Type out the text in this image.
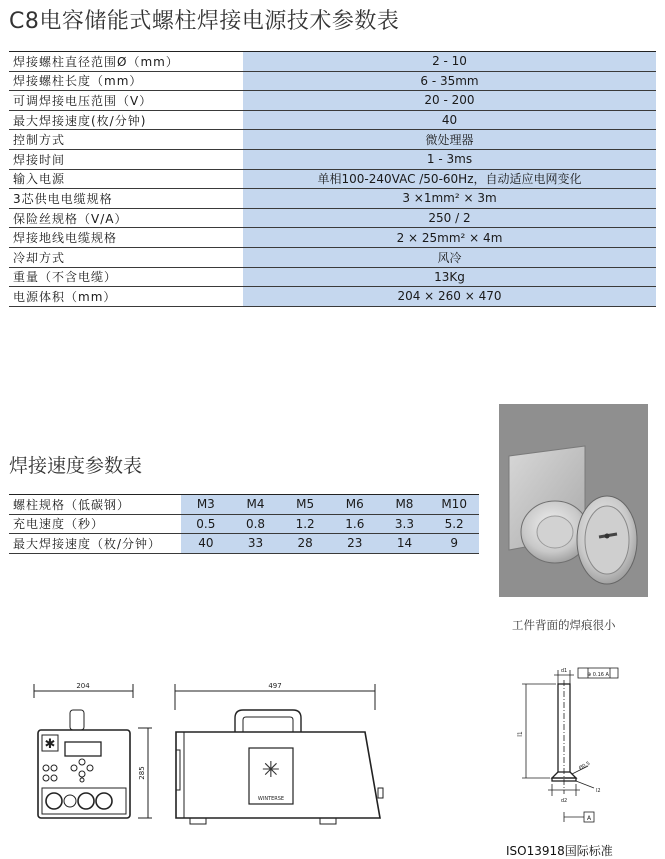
C8电容储能式螺柱焊接电源技术参数表
焊接螺柱直径范围Ø（mm）	2 - 10
焊接螺柱长度（mm）	6 - 35mm
可调焊接电压范围（V）	20 - 200
最大焊接速度(枚/分钟)	40
控制方式	微处理器
焊接时间	1 - 3ms
输入电源	单相100-240VAC /50-60Hz，自动适应电网变化
3芯供电电缆规格	3 ×1mm² × 3m
保险丝规格（V/A）	250 / 2
焊接地线电缆规格	2 × 25mm² × 4m
冷却方式	风冷
重量（不含电缆）	13Kg
电源体积（mm）	204 × 260 × 470
焊接速度参数表
螺柱规格（低碳钢）	M3	M4	M5	M6	M8	M10
充电速度（秒）	0.5	0.8	1.2	1.6	3.3	5.2
最大焊接速度（枚/分钟）	40	33	28	23	14	9
工件背面的焊痕很小
✱
✳
204
285
497
WINTERSE
d1
⊕ 0.16 A
l1
Ø0.5
l2
d2
A
ISO13918国际标准
